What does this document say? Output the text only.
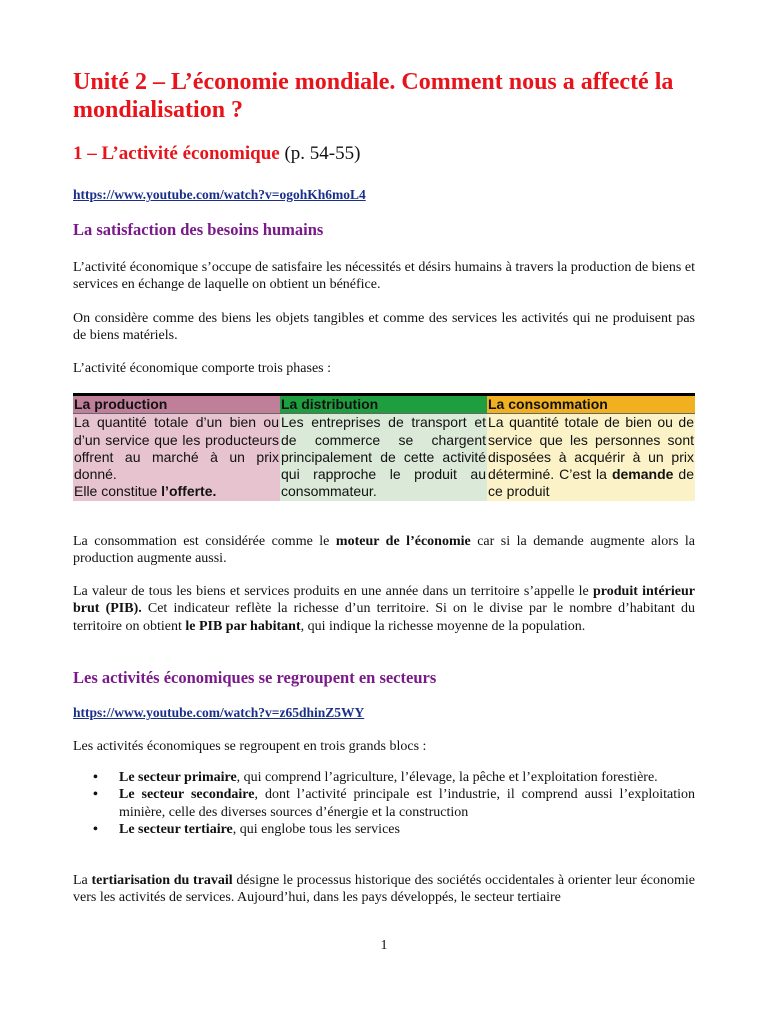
Unité 2 – L’économie mondiale. Comment nous a affecté la mondialisation ?
1 – L’activité économique (p. 54-55)
https://www.youtube.com/watch?v=ogohKh6moL4
La satisfaction des besoins humains

L’activité économique s’occupe de satisfaire les nécessités et désirs humains à travers la production de biens et services en échange de laquelle on obtient un bénéfice.

On considère comme des biens les objets tangibles et comme des services les activités qui ne produisent pas de biens matériels.

L’activité économique comporte trois phases :

La production	La distribution	La consommation
La quantité totale d’un bien ou d’un service que les producteurs offrent au marché à un prix donné.
Elle constitue l’offerte.	Les entreprises de transport et de commerce se chargent principalement de cette activité qui rapproche le produit au consommateur.	La quantité totale de bien ou de service que les personnes sont disposées à acquérir à un prix déterminé. C’est la demande de ce produit

La consommation est considérée comme le moteur de l’économie car si la demande augmente alors la production augmente aussi.

La valeur de tous les biens et services produits en une année dans un territoire s’appelle le produit intérieur brut (PIB). Cet indicateur reflète la richesse d’un territoire. Si on le divise par le nombre d’habitant du territoire on obtient le PIB par habitant, qui indique la richesse moyenne de la population.

Les activités économiques se regroupent en secteurs
https://www.youtube.com/watch?v=z65dhinZ5WY

Les activités économiques se regroupent en trois grands blocs :

• Le secteur primaire, qui comprend l’agriculture, l’élevage, la pêche et l’exploitation forestière.
• Le secteur secondaire, dont l’activité principale est l’industrie, il comprend aussi l’exploitation minière, celle des diverses sources d’énergie et la construction
• Le secteur tertiaire, qui englobe tous les services

La tertiarisation du travail désigne le processus historique des sociétés occidentales à orienter leur économie vers les activités de services. Aujourd’hui, dans les pays développés, le secteur tertiaire

1
